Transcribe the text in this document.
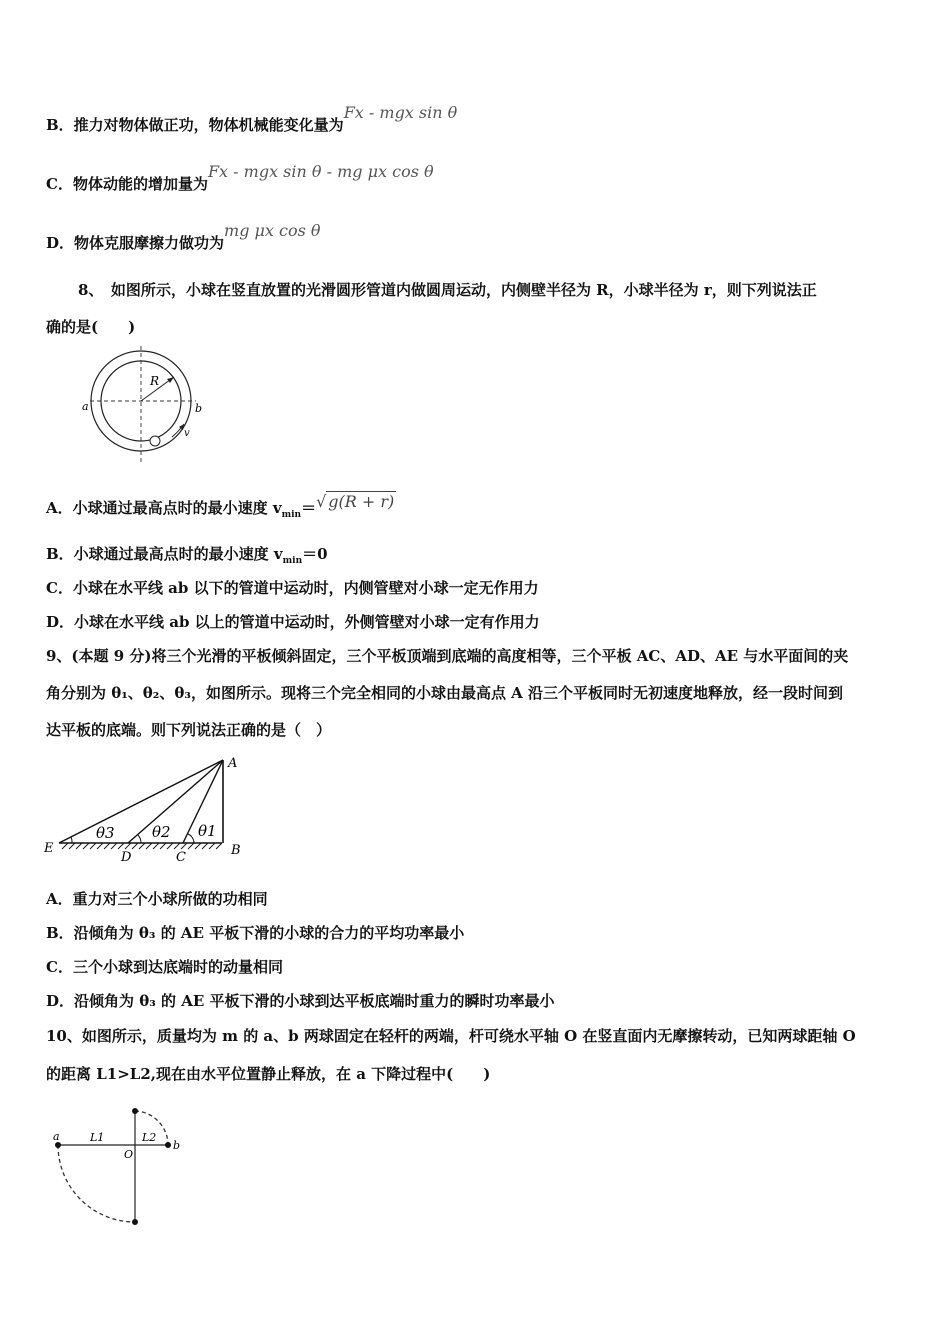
B．推力对物体做正功，物体机械能变化量为Fx - mgx sin θ
C．物体动能的增加量为Fx - mgx sin θ - mg μx cos θ
D．物体克服摩擦力做功为mg μx cos θ
8、　如图所示，小球在竖直放置的光滑圆形管道内做圆周运动，内侧壁半径为 R，小球半径为 r，则下列说法正
确的是(　　)
R
a	b
v
A．小球通过最高点时的最小速度 $v_{min}=√$ g(R + r)
B．小球通过最高点时的最小速度 $v_{min}=0$
C．小球在水平线 ab 以下的管道中运动时，内侧管壁对小球一定无作用力
D．小球在水平线 ab 以上的管道中运动时，外侧管壁对小球一定有作用力
9、(本题 9 分)将三个光滑的平板倾斜固定，三个平板顶端到底端的高度相等，三个平板 AC、AD、AE 与水平面间的夹
角分别为 θ₁、θ₂、θ₃，如图所示。现将三个完全相同的小球由最高点 A 沿三个平板同时无初速度地释放，经一段时间到
达平板的底端。则下列说法正确的是（　）
A
B
C
D
E
θ3 θ2 θ1
A．重力对三个小球所做的功相同
B．沿倾角为 θ₃ 的 AE 平板下滑的小球的合力的平均功率最小
C．三个小球到达底端时的动量相同
D．沿倾角为 θ₃ 的 AE 平板下滑的小球到达平板底端时重力的瞬时功率最小
10、如图所示，质量均为 m 的 a、b 两球固定在轻杆的两端，杆可绕水平轴 O 在竖直面内无摩擦转动，已知两球距轴 O
的距离 L1>L2,现在由水平位置静止释放，在 a 下降过程中(　　)
a
b
O
L1	L2
